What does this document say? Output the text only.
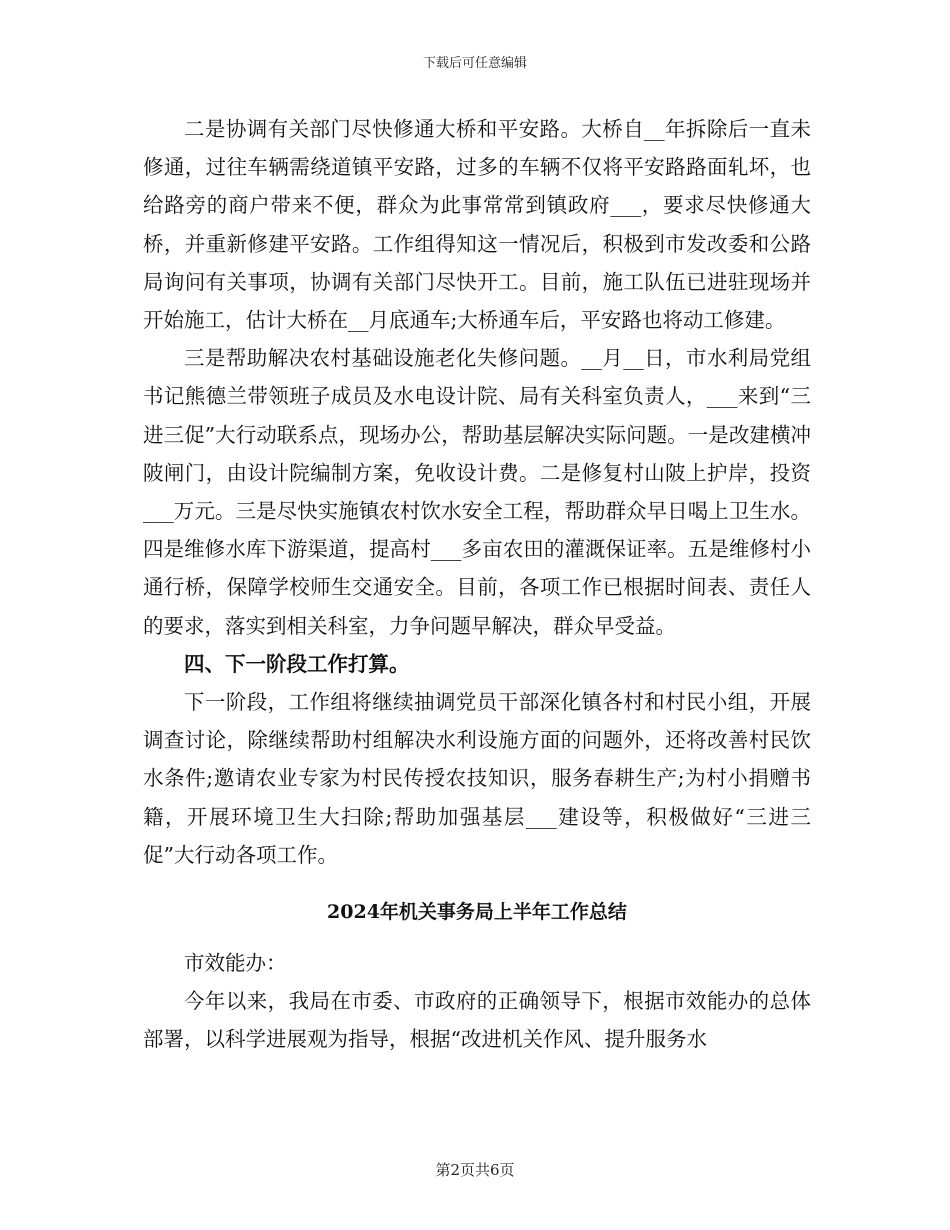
下载后可任意编辑

二是协调有关部门尽快修通大桥和平安路。大桥自__年拆除后一直未修通，过往车辆需绕道镇平安路，过多的车辆不仅将平安路路面轧坏，也给路旁的商户带来不便，群众为此事常常到镇政府___，要求尽快修通大桥，并重新修建平安路。工作组得知这一情况后，积极到市发改委和公路局询问有关事项，协调有关部门尽快开工。目前，施工队伍已进驻现场并开始施工，估计大桥在__月底通车;大桥通车后，平安路也将动工修建。

三是帮助解决农村基础设施老化失修问题。__月__日，市水利局党组书记熊德兰带领班子成员及水电设计院、局有关科室负责人，___来到“三进三促”大行动联系点，现场办公，帮助基层解决实际问题。一是改建横冲陂闸门，由设计院编制方案，免收设计费。二是修复村山陂上护岸，投资___万元。三是尽快实施镇农村饮水安全工程，帮助群众早日喝上卫生水。四是维修水库下游渠道，提高村___多亩农田的灌溉保证率。五是维修村小通行桥，保障学校师生交通安全。目前，各项工作已根据时间表、责任人的要求，落实到相关科室，力争问题早解决，群众早受益。

四、下一阶段工作打算。

下一阶段，工作组将继续抽调党员干部深化镇各村和村民小组，开展调查讨论，除继续帮助村组解决水利设施方面的问题外，还将改善村民饮水条件;邀请农业专家为村民传授农技知识，服务春耕生产;为村小捐赠书籍，开展环境卫生大扫除;帮助加强基层___建设等，积极做好“三进三促”大行动各项工作。

2024年机关事务局上半年工作总结

市效能办：

今年以来，我局在市委、市政府的正确领导下，根据市效能办的总体部署，以科学进展观为指导，根据“改进机关作风、提升服务水

第2页共6页
